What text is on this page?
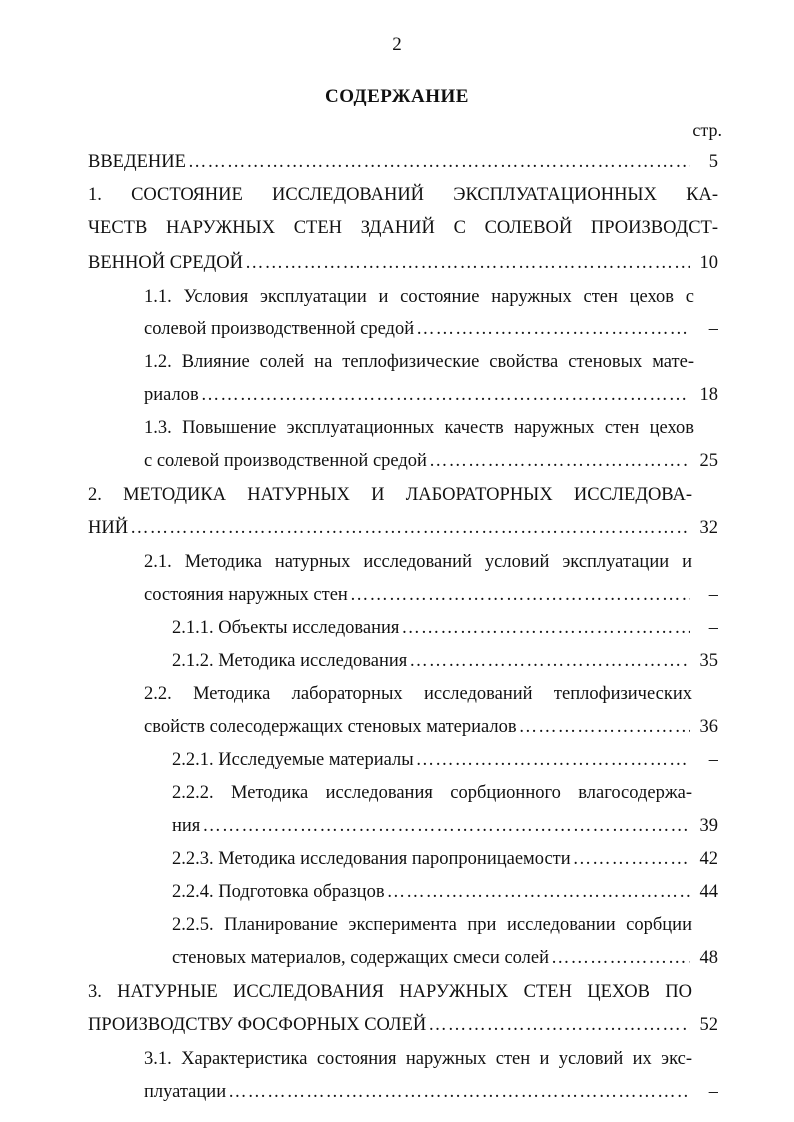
2
СОДЕРЖАНИЕ
стр.
ВВЕДЕНИЕ ……………………………………………………………………………………………………………………………………………………	5
1. СОСТОЯНИЕ ИССЛЕДОВАНИЙ ЭКСПЛУАТАЦИОННЫХ КА-
ЧЕСТВ НАРУЖНЫХ СТЕН ЗДАНИЙ С СОЛЕВОЙ ПРОИЗВОДСТ-
ВЕННОЙ СРЕДОЙ ……………………………………………………………………………………………………………………………………………………	10
1.1. Условия эксплуатации и состояние наружных стен цехов с
солевой производственной средой ……………………………………………………………………………………………………………………………………………………	–
1.2. Влияние солей на теплофизические свойства стеновых мате-
риалов ……………………………………………………………………………………………………………………………………………………	18
1.3. Повышение эксплуатационных качеств наружных стен цехов
с солевой производственной средой ……………………………………………………………………………………………………………………………………………………	25
2. МЕТОДИКА НАТУРНЫХ И ЛАБОРАТОРНЫХ ИССЛЕДОВА-
НИЙ ……………………………………………………………………………………………………………………………………………………	32
2.1. Методика натурных исследований условий эксплуатации и
состояния наружных стен ……………………………………………………………………………………………………………………………………………………	–
2.1.1. Объекты исследования ……………………………………………………………………………………………………………………………………………………	–
2.1.2. Методика исследования ……………………………………………………………………………………………………………………………………………………	35
2.2. Методика лабораторных исследований теплофизических
свойств солесодержащих стеновых материалов ……………………………………………………………………………………………………………………………………………………	36
2.2.1. Исследуемые материалы ……………………………………………………………………………………………………………………………………………………	–
2.2.2. Методика исследования сорбционного влагосодержа-
ния ……………………………………………………………………………………………………………………………………………………	39
2.2.3. Методика исследования паропроницаемости ……………………………………………………………………………………………………………………………………………………	42
2.2.4. Подготовка образцов ……………………………………………………………………………………………………………………………………………………	44
2.2.5. Планирование эксперимента при исследовании сорбции
стеновых материалов, содержащих смеси солей ……………………………………………………………………………………………………………………………………………………	48
3. НАТУРНЫЕ ИССЛЕДОВАНИЯ НАРУЖНЫХ СТЕН ЦЕХОВ ПО
ПРОИЗВОДСТВУ ФОСФОРНЫХ СОЛЕЙ ……………………………………………………………………………………………………………………………………………………	52
3.1. Характеристика состояния наружных стен и условий их экс-
плуатации ……………………………………………………………………………………………………………………………………………………	–
